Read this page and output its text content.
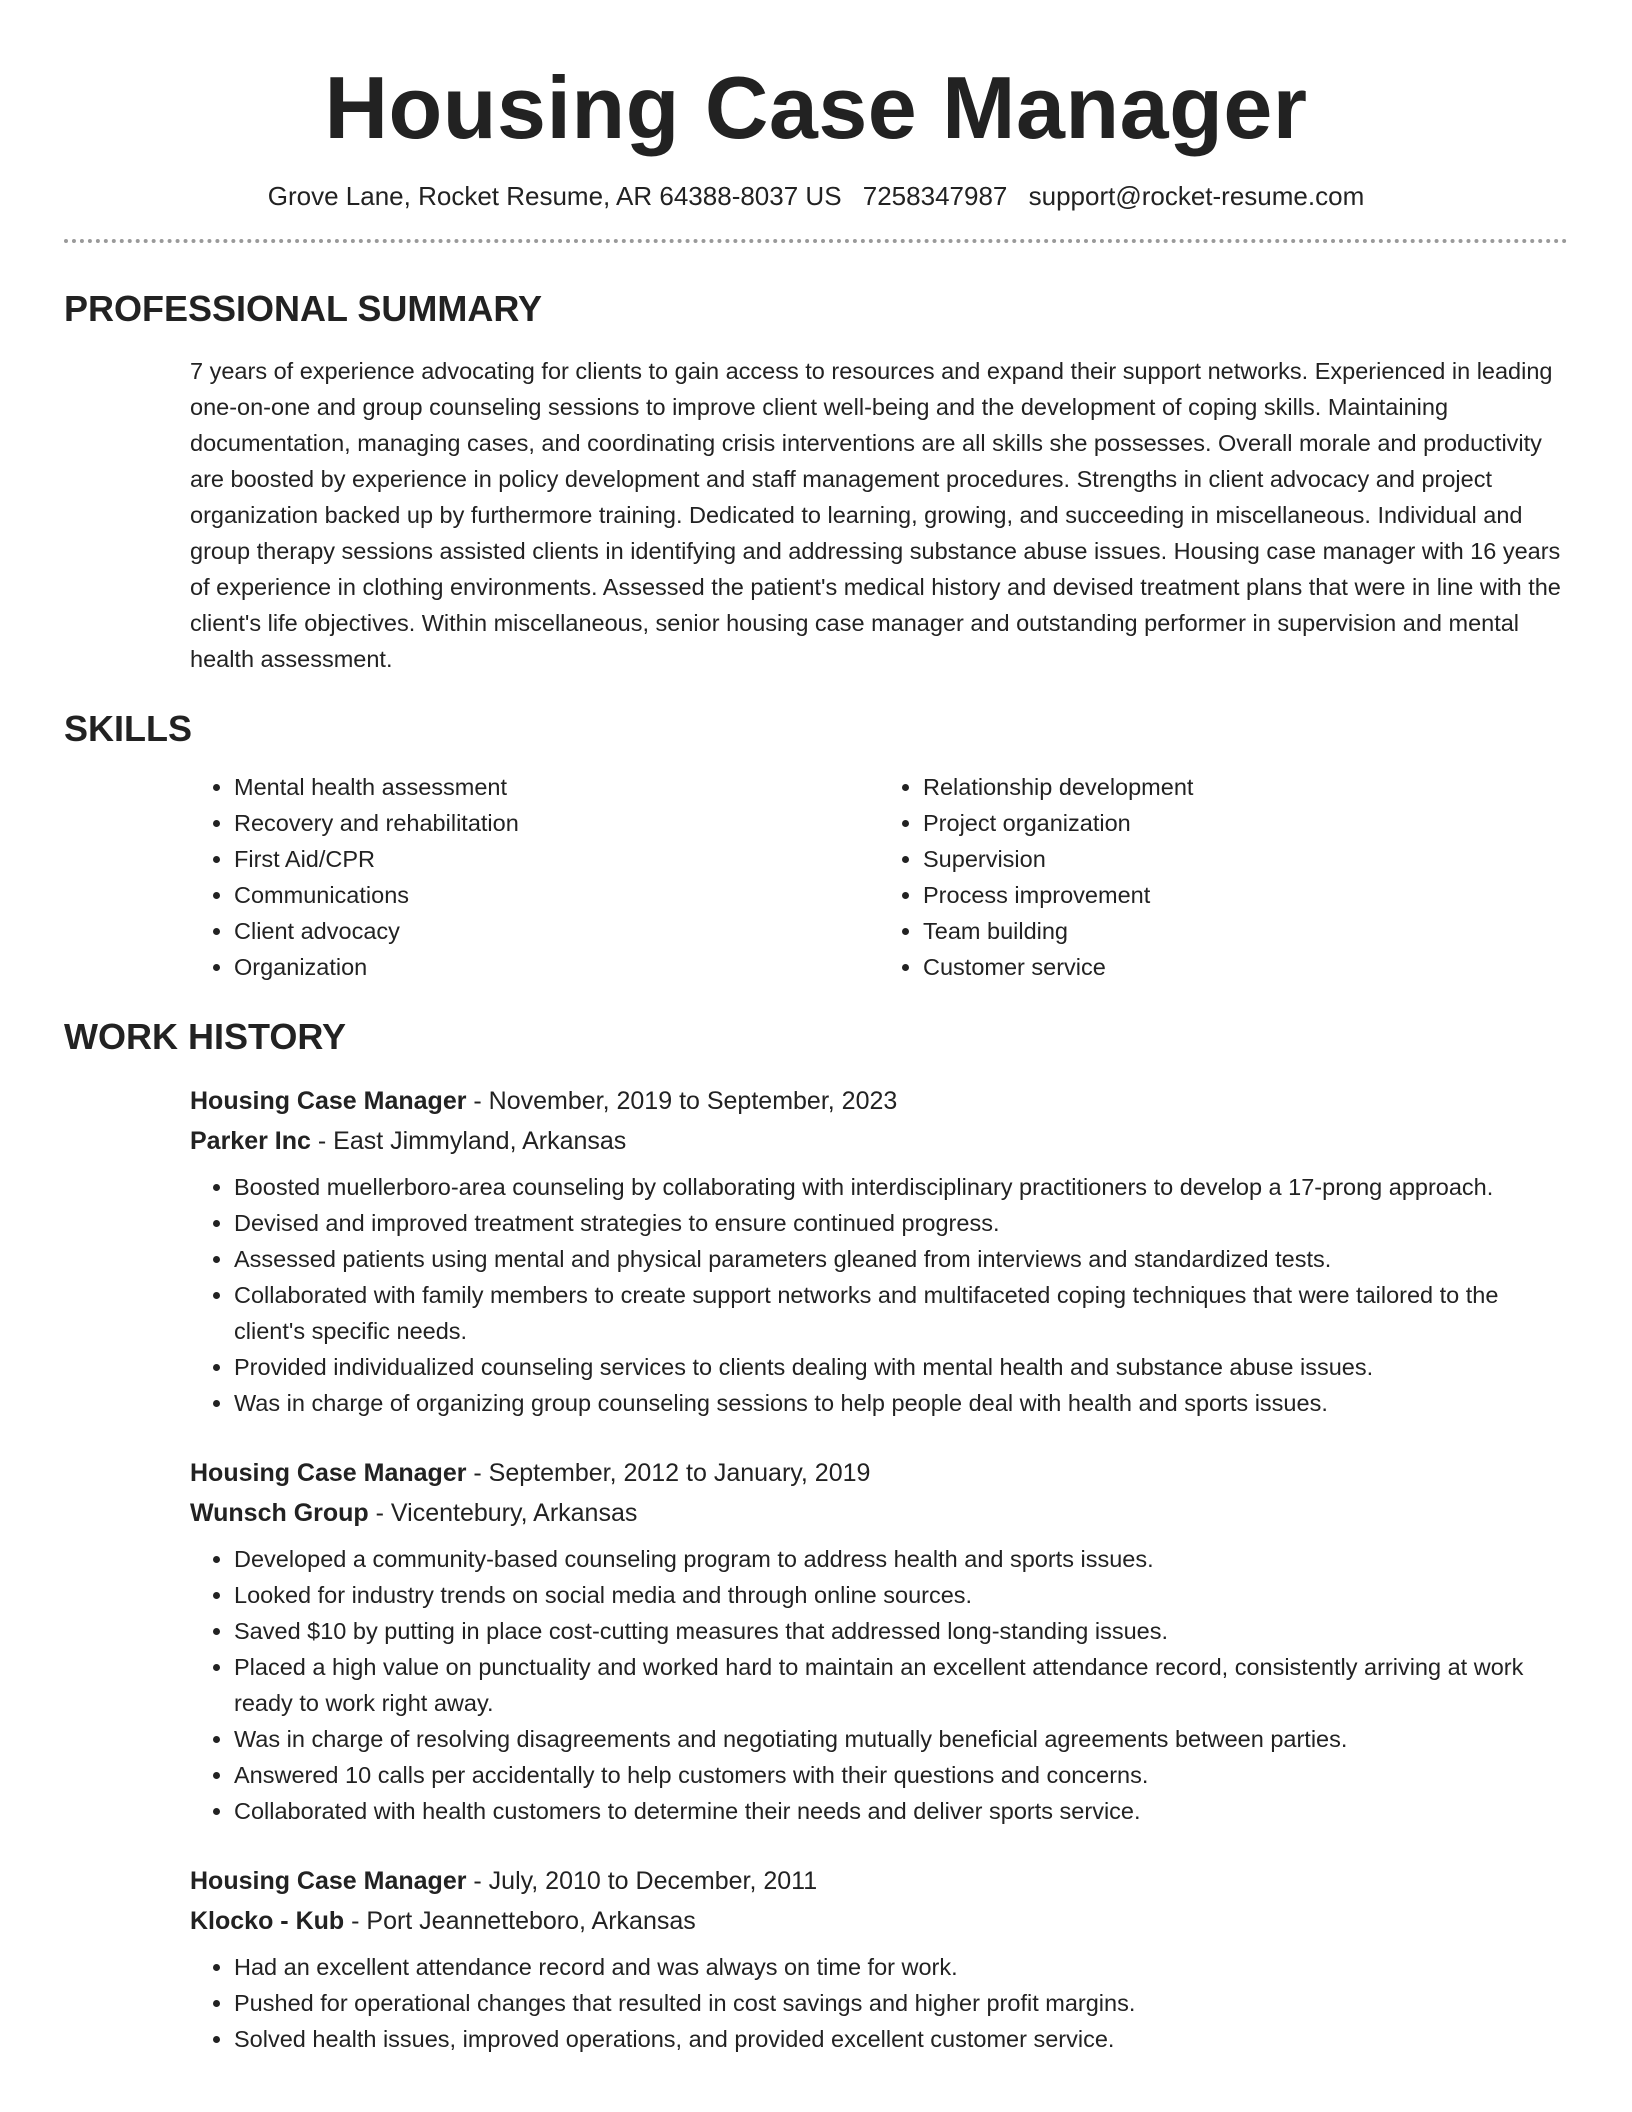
Housing Case Manager
Grove Lane, Rocket Resume, AR 64388-8037 US 7258347987 support@rocket-resume.com
PROFESSIONAL SUMMARY
7 years of experience advocating for clients to gain access to resources and expand their support networks. Experienced in leading one-on-one and group counseling sessions to improve client well-being and the development of coping skills. Maintaining documentation, managing cases, and coordinating crisis interventions are all skills she possesses. Overall morale and productivity are boosted by experience in policy development and staff management procedures. Strengths in client advocacy and project organization backed up by furthermore training. Dedicated to learning, growing, and succeeding in miscellaneous. Individual and group therapy sessions assisted clients in identifying and addressing substance abuse issues. Housing case manager with 16 years of experience in clothing environments. Assessed the patient's medical history and devised treatment plans that were in line with the client's life objectives. Within miscellaneous, senior housing case manager and outstanding performer in supervision and mental health assessment.
SKILLS
• Mental health assessment
• Recovery and rehabilitation
• First Aid/CPR
• Communications
• Client advocacy
• Organization
• Relationship development
• Project organization
• Supervision
• Process improvement
• Team building
• Customer service
WORK HISTORY
Housing Case Manager - November, 2019 to September, 2023
Parker Inc - East Jimmyland, Arkansas
• Boosted muellerboro-area counseling by collaborating with interdisciplinary practitioners to develop a 17-prong approach.
• Devised and improved treatment strategies to ensure continued progress.
• Assessed patients using mental and physical parameters gleaned from interviews and standardized tests.
• Collaborated with family members to create support networks and multifaceted coping techniques that were tailored to the client's specific needs.
• Provided individualized counseling services to clients dealing with mental health and substance abuse issues.
• Was in charge of organizing group counseling sessions to help people deal with health and sports issues.
Housing Case Manager - September, 2012 to January, 2019
Wunsch Group - Vicentebury, Arkansas
• Developed a community-based counseling program to address health and sports issues.
• Looked for industry trends on social media and through online sources.
• Saved $10 by putting in place cost-cutting measures that addressed long-standing issues.
• Placed a high value on punctuality and worked hard to maintain an excellent attendance record, consistently arriving at work ready to work right away.
• Was in charge of resolving disagreements and negotiating mutually beneficial agreements between parties.
• Answered 10 calls per accidentally to help customers with their questions and concerns.
• Collaborated with health customers to determine their needs and deliver sports service.
Housing Case Manager - July, 2010 to December, 2011
Klocko - Kub - Port Jeannetteboro, Arkansas
• Had an excellent attendance record and was always on time for work.
• Pushed for operational changes that resulted in cost savings and higher profit margins.
• Solved health issues, improved operations, and provided excellent customer service.
